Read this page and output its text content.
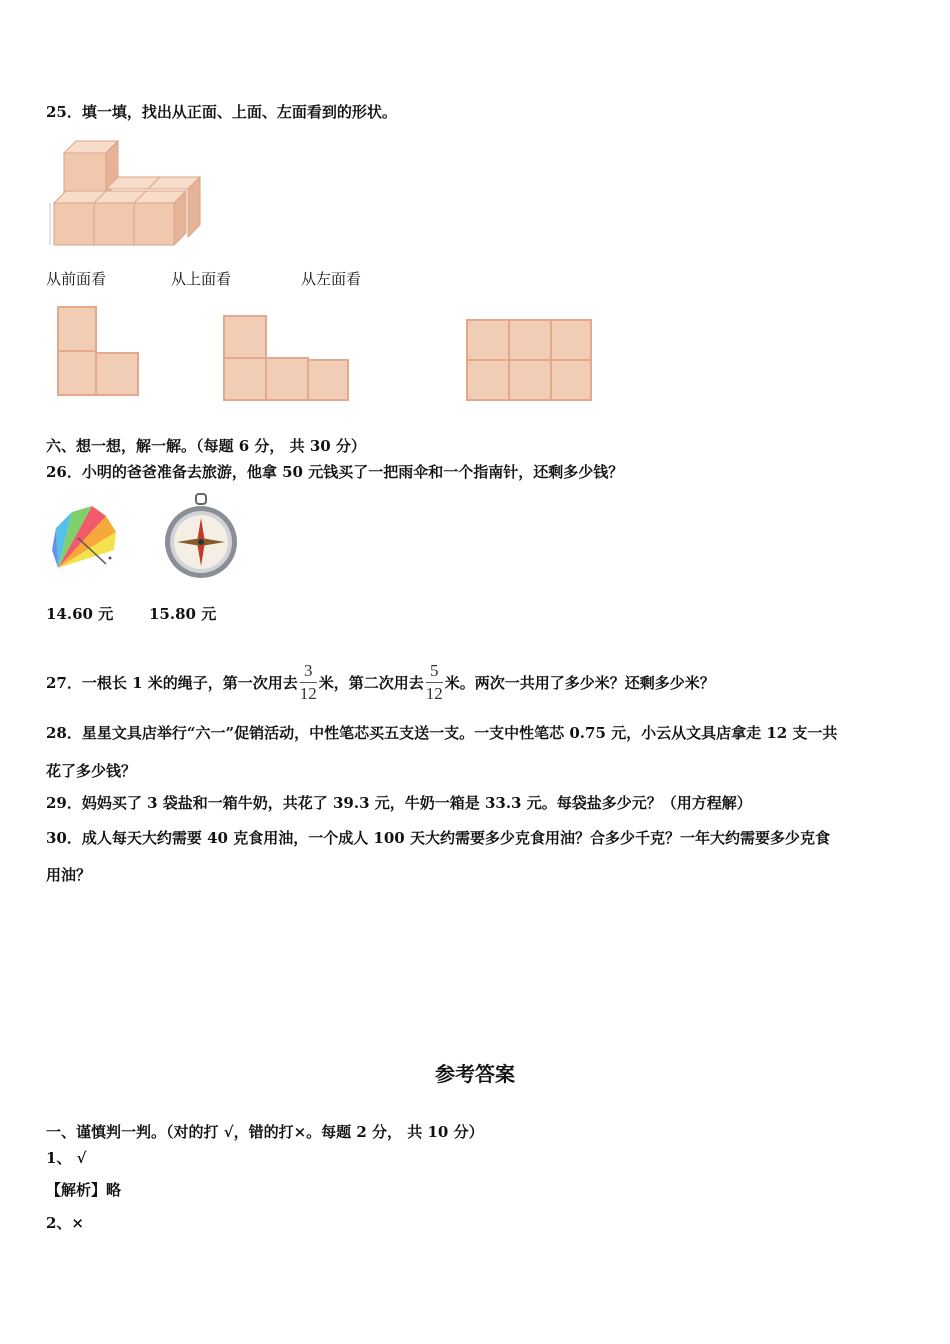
25．填一填，找出从正面、上面、左面看到的形状。
从前面看	从上面看	从左面看
六、想一想，解一解。（每题 6 分， 共 30 分）
26．小明的爸爸准备去旅游，他拿 50 元钱买了一把雨伞和一个指南针，还剩多少钱？
14.60 元 15.80 元
27．一根长 1 米的绳子，第一次用去 $\frac{3}{12}$ 米，第二次用去 $\frac{5}{12}$ 米。两次一共用了多少米？还剩多少米？
28．星星文具店举行“六一”促销活动，中性笔芯买五支送一支。一支中性笔芯 0.75 元，小云从文具店拿走 12 支一共
花了多少钱？
29．妈妈买了 3 袋盐和一箱牛奶，共花了 39.3 元，牛奶一箱是 33.3 元。每袋盐多少元？（用方程解）
30．成人每天大约需要 40 克食用油，一个成人 100 天大约需要多少克食用油？合多少千克？一年大约需要多少克食
用油？
参考答案
一、谨慎判一判。（对的打 √，错的打×。每题 2 分， 共 10 分）
1、 √
【解析】略
2、×
